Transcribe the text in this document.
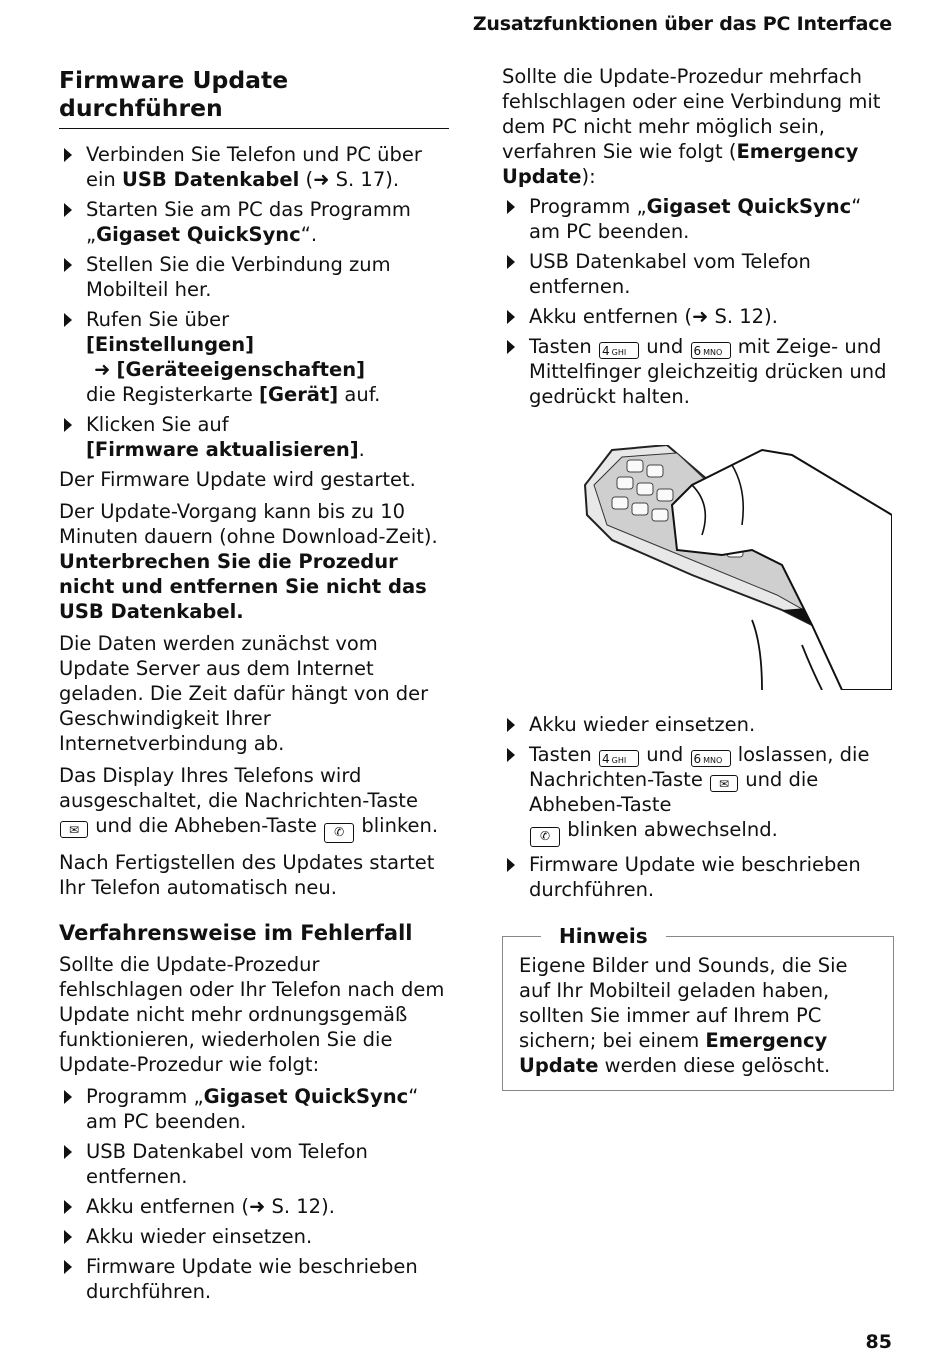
Zusatzfunktionen über das PC Interface
Firmware Update durchführen
Verbinden Sie Telefon und PC über ein USB Datenkabel (➜ S. 17).
Starten Sie am PC das Programm „Gigaset QuickSync“.
Stellen Sie die Verbindung zum Mobilteil her.
Rufen Sie über
[Einstellungen]
➜ [Geräteeigenschaften]
die Registerkarte [Gerät] auf.
Klicken Sie auf
[Firmware aktualisieren].

Der Firmware Update wird gestartet.

Der Update-Vorgang kann bis zu 10 Minuten dauern (ohne Download-Zeit). Unterbrechen Sie die Prozedur nicht und entfernen Sie nicht das USB Datenkabel.

Die Daten werden zunächst vom Update Server aus dem Internet geladen. Die Zeit dafür hängt von der Geschwindigkeit Ihrer Internetverbindung ab.

Das Display Ihres Telefons wird ausgeschaltet, die Nachrichten-Taste ✉ und die Abheben-Taste ✆ blinken.

Nach Fertigstellen des Updates startet Ihr Telefon automatisch neu.

Verfahrensweise im Fehlerfall

Sollte die Update-Prozedur fehlschlagen oder Ihr Telefon nach dem Update nicht mehr ordnungsgemäß funktionieren, wiederholen Sie die Update-Prozedur wie folgt:

Programm „Gigaset QuickSync“ am PC beenden.
USB Datenkabel vom Telefon entfernen.
Akku entfernen (➜ S. 12).
Akku wieder einsetzen.
Firmware Update wie beschrieben durchführen.

Sollte die Update-Prozedur mehrfach fehlschlagen oder eine Verbindung mit dem PC nicht mehr möglich sein, verfahren Sie wie folgt (Emergency Update):

Programm „Gigaset QuickSync“ am PC beenden.
USB Datenkabel vom Telefon entfernen.
Akku entfernen (➜ S. 12).
Tasten 4 GHI und 6 MNO mit Zeige- und Mittelfinger gleichzeitig drücken und gedrückt halten.
Akku wieder einsetzen.
Tasten 4 GHI und 6 MNO loslassen, die Nachrichten-Taste ✉ und die Abheben-Taste
✆ blinken abwechselnd.
Firmware Update wie beschrieben durchführen.
Hinweis
Eigene Bilder und Sounds, die Sie auf Ihr Mobilteil geladen haben, sollten Sie immer auf Ihrem PC sichern; bei einem Emergency Update werden diese gelöscht.
85
